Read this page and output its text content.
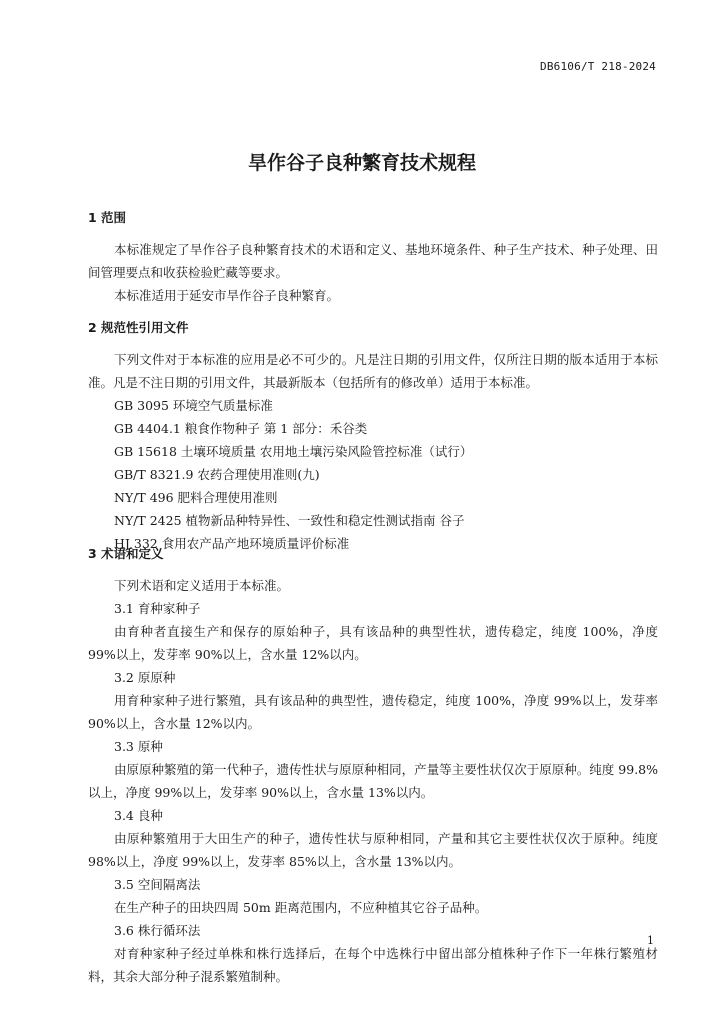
DB6106/T 218-2024
旱作谷子良种繁育技术规程
1 范围
本标准规定了旱作谷子良种繁育技术的术语和定义、基地环境条件、种子生产技术、种子处理、田间管理要点和收获检验贮藏等要求。
本标准适用于延安市旱作谷子良种繁育。
2 规范性引用文件
下列文件对于本标准的应用是必不可少的。凡是注日期的引用文件，仅所注日期的版本适用于本标准。凡是不注日期的引用文件，其最新版本（包括所有的修改单）适用于本标准。
GB 3095 环境空气质量标准
GB 4404.1 粮食作物种子 第 1 部分：禾谷类
GB 15618 土壤环境质量 农用地土壤污染风险管控标准（试行）
GB/T 8321.9 农药合理使用准则(九)
NY/T 496 肥料合理使用准则
NY/T 2425 植物新品种特异性、一致性和稳定性测试指南 谷子
HJ 332 食用农产品产地环境质量评价标准
3 术语和定义
下列术语和定义适用于本标准。
3.1 育种家种子
由育种者直接生产和保存的原始种子，具有该品种的典型性状，遗传稳定，纯度 100%，净度 99%以上，发芽率 90%以上，含水量 12%以内。
3.2 原原种
用育种家种子进行繁殖，具有该品种的典型性，遗传稳定，纯度 100%，净度 99%以上，发芽率90%以上，含水量 12%以内。
3.3 原种
由原原种繁殖的第一代种子，遗传性状与原原种相同，产量等主要性状仅次于原原种。纯度 99.8%以上，净度 99%以上，发芽率 90%以上，含水量 13%以内。
3.4 良种
由原种繁殖用于大田生产的种子，遗传性状与原种相同，产量和其它主要性状仅次于原种。纯度98%以上，净度 99%以上，发芽率 85%以上，含水量 13%以内。
3.5 空间隔离法
在生产种子的田块四周 50m 距离范围内，不应种植其它谷子品种。
3.6 株行循环法
对育种家种子经过单株和株行选择后，在每个中选株行中留出部分植株种子作下一年株行繁殖材料，其余大部分种子混系繁殖制种。
1
